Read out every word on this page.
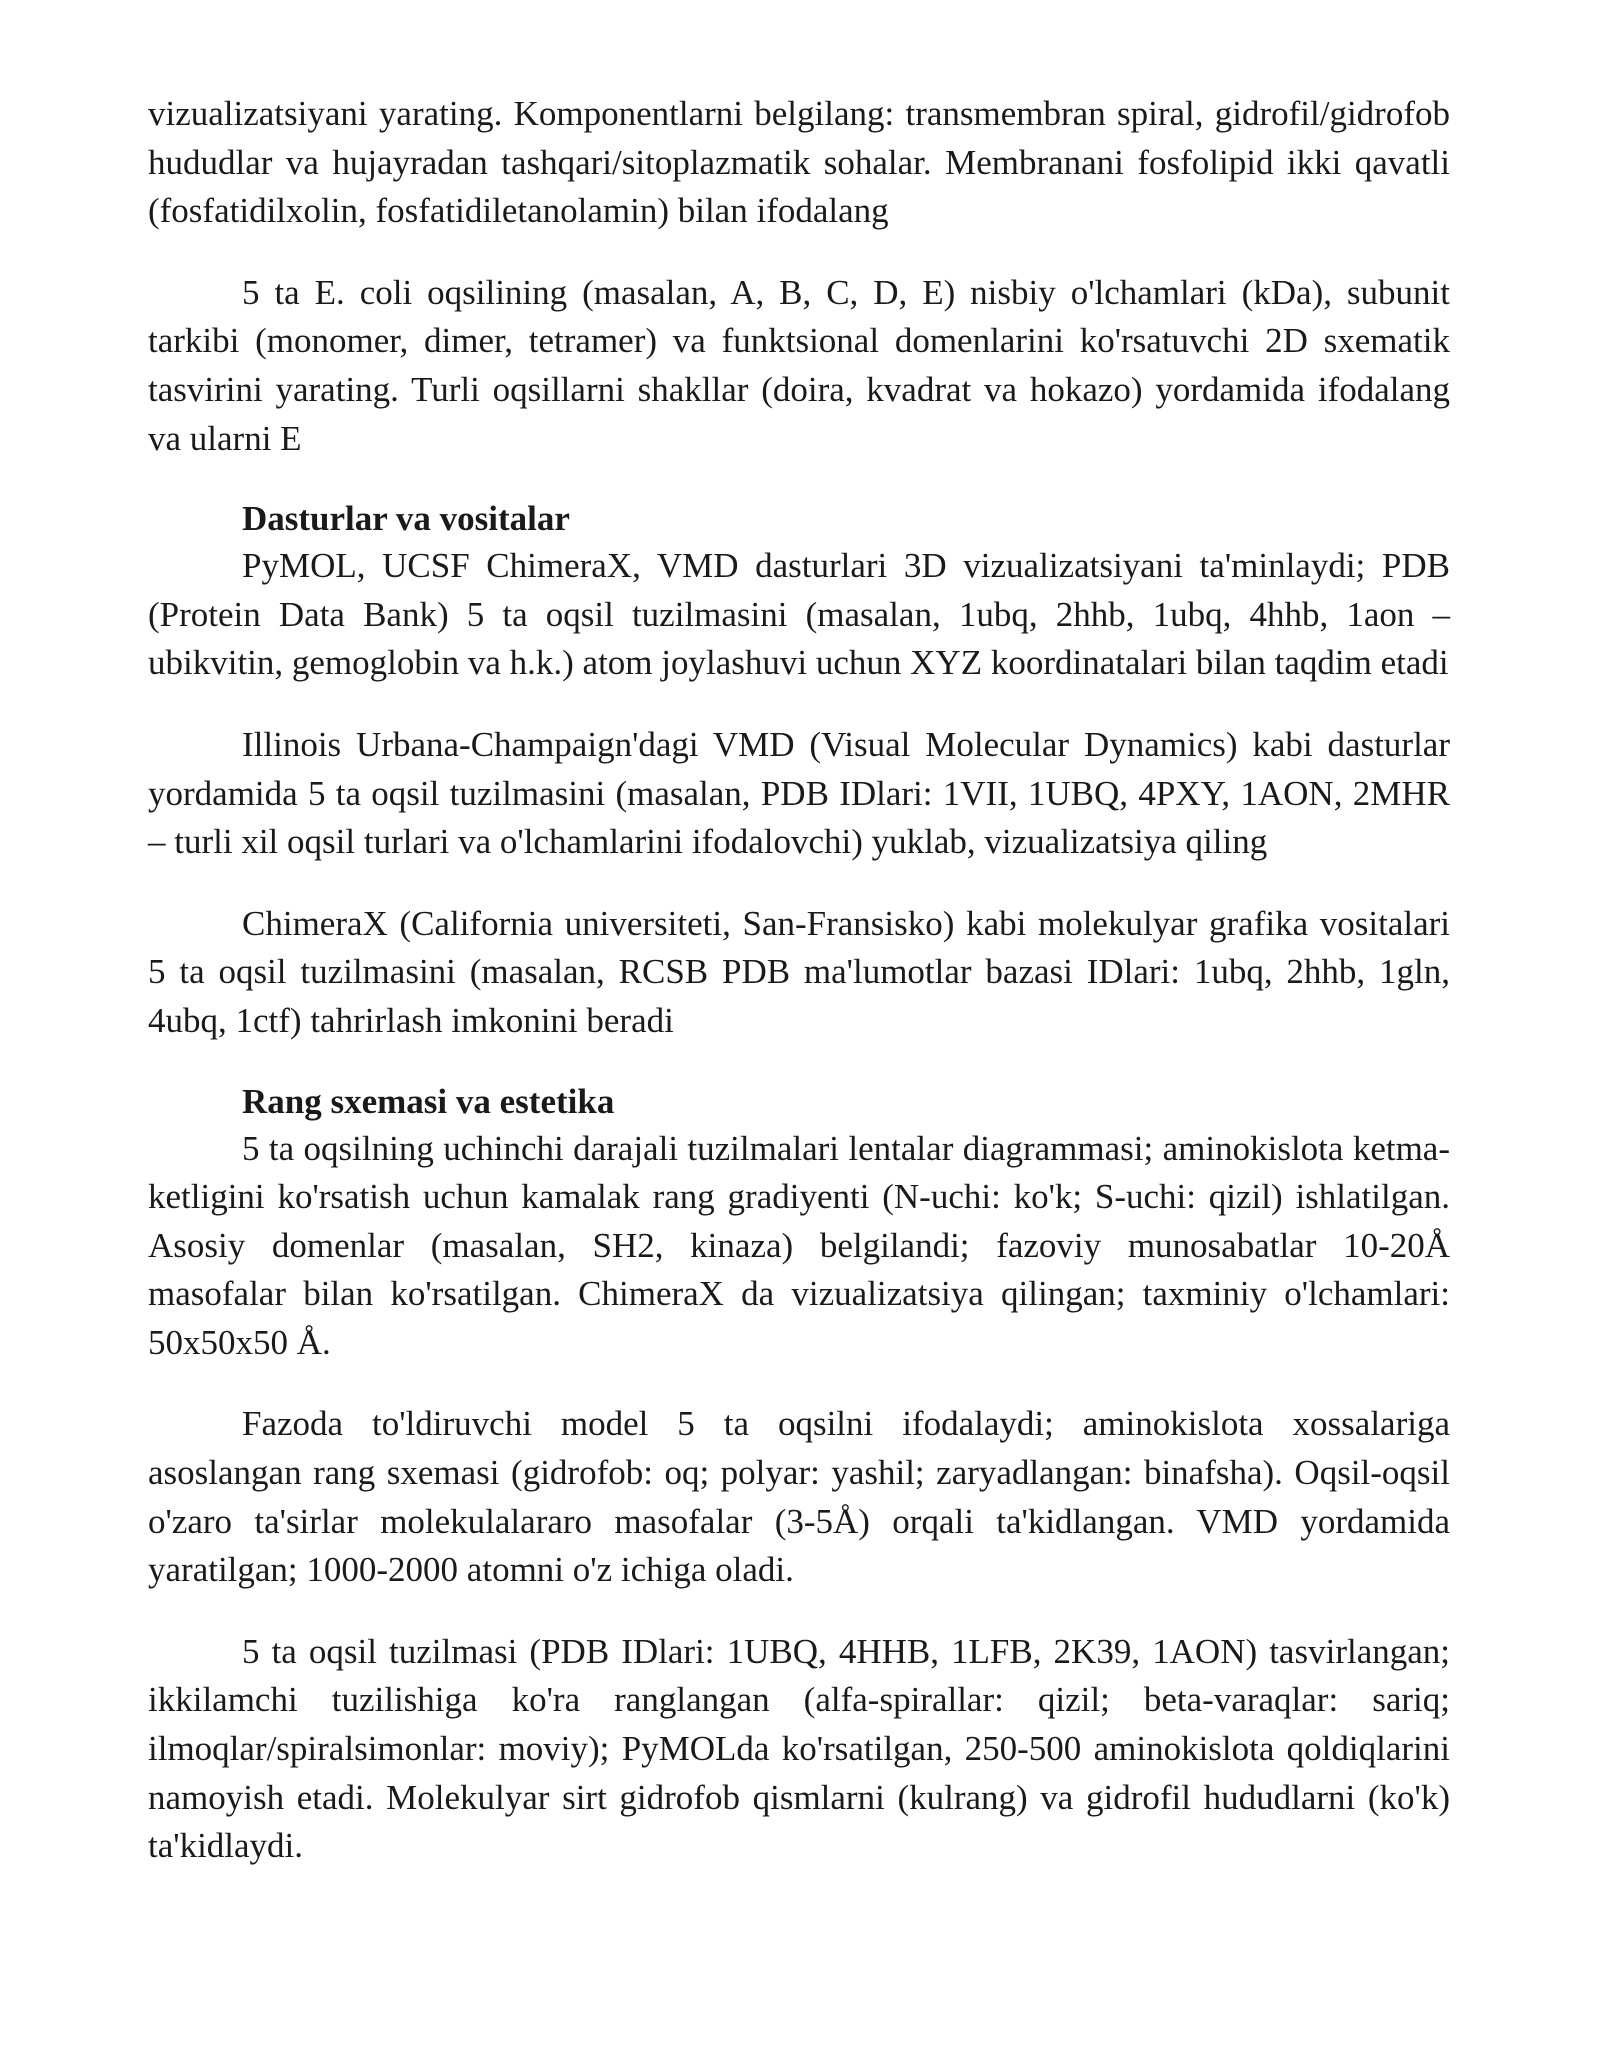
vizualizatsiyani yarating. Komponentlarni belgilang: transmembran spiral, gidrofil/gidrofob hududlar va hujayradan tashqari/sitoplazmatik sohalar. Membranani fosfolipid ikki qavatli (fosfatidilxolin, fosfatidiletanolamin) bilan ifodalang

5 ta E. coli oqsilining (masalan, A, B, C, D, E) nisbiy o'lchamlari (kDa), subunit tarkibi (monomer, dimer, tetramer) va funktsional domenlarini ko'rsatuvchi 2D sxematik tasvirini yarating. Turli oqsillarni shakllar (doira, kvadrat va hokazo) yordamida ifodalang va ularni E

Dasturlar va vositalar

PyMOL, UCSF ChimeraX, VMD dasturlari 3D vizualizatsiyani ta'minlaydi; PDB (Protein Data Bank) 5 ta oqsil tuzilmasini (masalan, 1ubq, 2hhb, 1ubq, 4hhb, 1aon – ubikvitin, gemoglobin va h.k.) atom joylashuvi uchun XYZ koordinatalari bilan taqdim etadi

Illinois Urbana-Champaign'dagi VMD (Visual Molecular Dynamics) kabi dasturlar yordamida 5 ta oqsil tuzilmasini (masalan, PDB IDlari: 1VII, 1UBQ, 4PXY, 1AON, 2MHR – turli xil oqsil turlari va o'lchamlarini ifodalovchi) yuklab, vizualizatsiya qiling

ChimeraX (California universiteti, San-Fransisko) kabi molekulyar grafika vositalari 5 ta oqsil tuzilmasini (masalan, RCSB PDB ma'lumotlar bazasi IDlari: 1ubq, 2hhb, 1gln, 4ubq, 1ctf) tahrirlash imkonini beradi

Rang sxemasi va estetika

5 ta oqsilning uchinchi darajali tuzilmalari lentalar diagrammasi; aminokislota ketma-ketligini ko'rsatish uchun kamalak rang gradiyenti (N-uchi: ko'k; S-uchi: qizil) ishlatilgan. Asosiy domenlar (masalan, SH2, kinaza) belgilandi; fazoviy munosabatlar 10-20Å masofalar bilan ko'rsatilgan. ChimeraX da vizualizatsiya qilingan; taxminiy o'lchamlari: 50x50x50 Å.

Fazoda to'ldiruvchi model 5 ta oqsilni ifodalaydi; aminokislota xossalariga asoslangan rang sxemasi (gidrofob: oq; polyar: yashil; zaryadlangan: binafsha). Oqsil-oqsil o'zaro ta'sirlar molekulalararo masofalar (3-5Å) orqali ta'kidlangan. VMD yordamida yaratilgan; 1000-2000 atomni o'z ichiga oladi.

5 ta oqsil tuzilmasi (PDB IDlari: 1UBQ, 4HHB, 1LFB, 2K39, 1AON) tasvirlangan; ikkilamchi tuzilishiga ko'ra ranglangan (alfa-spirallar: qizil; beta-varaqlar: sariq; ilmoqlar/spiralsimonlar: moviy); PyMOLda ko'rsatilgan, 250-500 aminokislota qoldiqlarini namoyish etadi. Molekulyar sirt gidrofob qismlarni (kulrang) va gidrofil hududlarni (ko'k) ta'kidlaydi.
